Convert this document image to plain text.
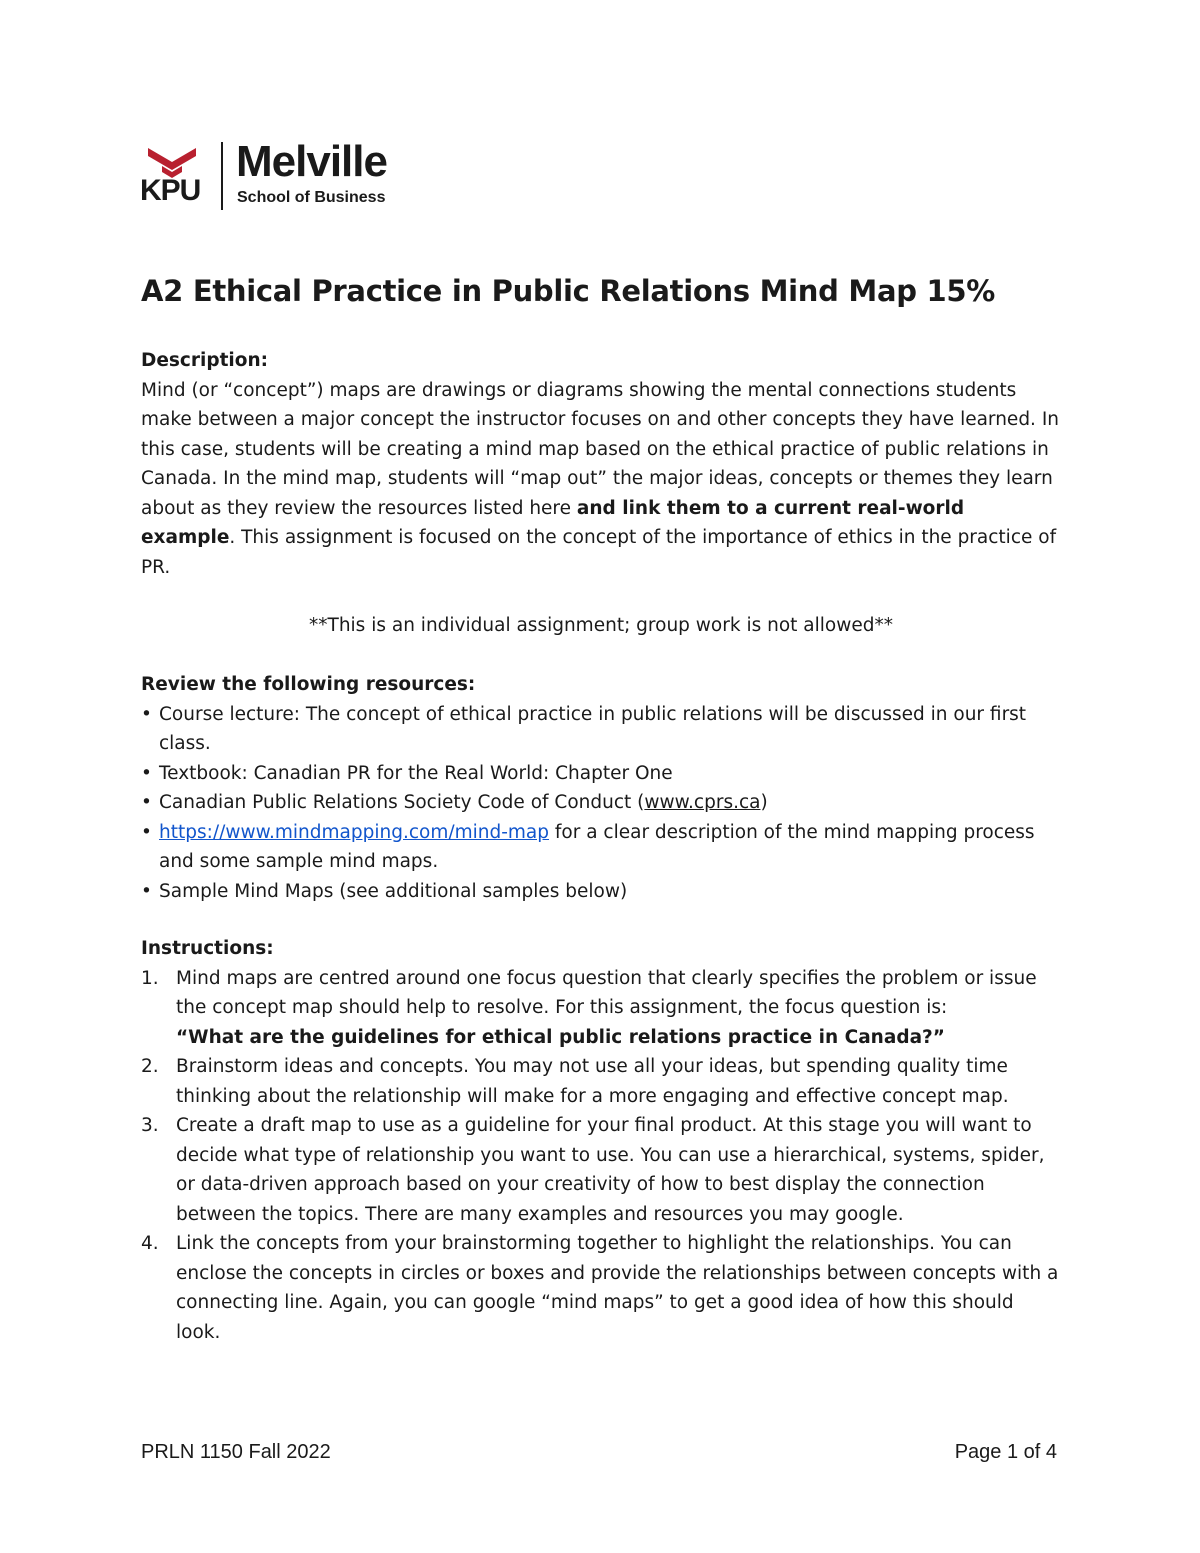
KPU
Melville
School of Business
A2 Ethical Practice in Public Relations Mind Map 15%
Description:
Mind (or “concept”) maps are drawings or diagrams showing the mental connections students make between a major concept the instructor focuses on and other concepts they have learned. In this case, students will be creating a mind map based on the ethical practice of public relations in Canada. In the mind map, students will “map out” the major ideas, concepts or themes they learn about as they review the resources listed here and link them to a current real-world example. This assignment is focused on the concept of the importance of ethics in the practice of PR.
**This is an individual assignment; group work is not allowed**
Review the following resources:
• Course lecture: The concept of ethical practice in public relations will be discussed in our first class.
• Textbook: Canadian PR for the Real World: Chapter One
• Canadian Public Relations Society Code of Conduct (www.cprs.ca)
• https://www.mindmapping.com/mind-map for a clear description of the mind mapping process and some sample mind maps.
• Sample Mind Maps (see additional samples below)
Instructions:
1. Mind maps are centred around one focus question that clearly specifies the problem or issue the concept map should help to resolve. For this assignment, the focus question is:
“What are the guidelines for ethical public relations practice in Canada?”
2. Brainstorm ideas and concepts. You may not use all your ideas, but spending quality time thinking about the relationship will make for a more engaging and effective concept map.
3. Create a draft map to use as a guideline for your final product. At this stage you will want to decide what type of relationship you want to use. You can use a hierarchical, systems, spider, or data-driven approach based on your creativity of how to best display the connection between the topics. There are many examples and resources you may google.
4. Link the concepts from your brainstorming together to highlight the relationships. You can enclose the concepts in circles or boxes and provide the relationships between concepts with a connecting line. Again, you can google “mind maps” to get a good idea of how this should look.
PRLN 1150 Fall 2022	Page 1 of 4
